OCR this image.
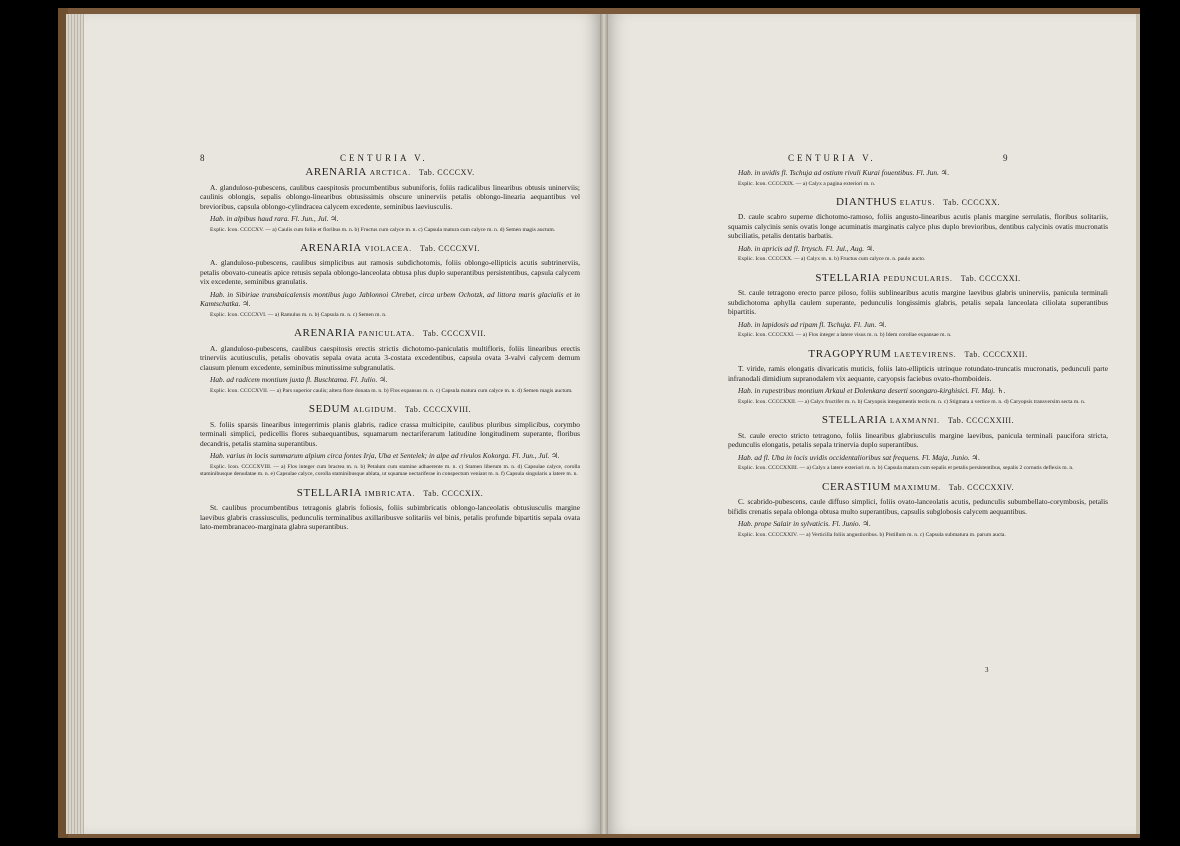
8	CENTURIA V.	CENTURIA V.	9
ARENARIA ARCTICA. Tab. CCCCXV.

A. glanduloso-pubescens, caulibus caespitosis procumbentibus subuniforis, foliis radicalibus linearibus obtusis uninerviis; caulinis oblongis, sepalis oblongo-linearibus obtusissimis obscure uninerviis petalis oblongo-linearia aequantibus vel brevioribus, capsula oblongo-cylindracea calycem excedente, seminibus laeviusculis.

Hab. in alpibus haud rara. Fl. Jun., Jul. ♃.

Explic. Icon. CCCCXV. — a) Caulis cum foliis et floribus m. n. b) Fructus cum calyce m. n. c) Capsula matura cum calyce m. n. d) Semen magis auctum.

ARENARIA VIOLACEA. Tab. CCCCXVI.

A. glanduloso-pubescens, caulibus simplicibus aut ramosis subdichotomis, foliis oblongo-ellipticis acutis subtrinerviis, petalis obovato-cuneatis apice retusis sepala oblongo-lanceolata obtusa plus duplo superantibus persistentibus, capsula calycem vix excedente, seminibus granulatis.

Hab. in Sibiriae transbaicalensis montibus jugo Jablonnoi Chrebet, circa urbem Ochotzk, ad littora maris glacialis et in Kamtschatka. ♃.

Explic. Icon. CCCCXVI. — a) Ramulus m. n. b) Capsula m. n. c) Semen m. n.

ARENARIA PANICULATA. Tab. CCCCXVII.

A. glanduloso-pubescens, caulibus caespitosis erectis strictis dichotomo-paniculatis multifloris, foliis linearibus erectis trinerviis acutiusculis, petalis obovatis sepala ovata acuta 3-costata excedentibus, capsula ovata 3-valvi calycem demum clausum plenum excedente, seminibus minutissime subgranulatis.

Hab. ad radicem montium juxta fl. Buschtama. Fl. Julio. ♃.

Explic. Icon. CCCCXVII. — a) Pars superior caulis; altera flore donata m. n. b) Flos expansus m. n. c) Capsula matura cum calyce m. n. d) Semen magis auctum.

SEDUM ALGIDUM. Tab. CCCCXVIII.

S. foliis sparsis linearibus integerrimis planis glabris, radice crassa multicipite, caulibus pluribus simplicibus, corymbo terminali simplici, pedicellis flores subaequantibus, squamarum nectariferarum latitudine longitudinem superante, floribus decandris, petalis stamina superantibus.

Hab. varius in locis summarum alpium circa fontes Irja, Uba et Sentelek; in alpe ad rivulos Kokorga. Fl. Jun., Jul. ♃.

Explic. Icon. CCCCXVIII. — a) Flos integer cum bractea m. n. b) Petalum cum stamine adhaerente m. n. c) Stamen liberum m. n. d) Capsulae calyce, corolla staminibusque denudatae m. n. e) Capsulae calyce, corolla staminibusque ablata, ut squamae nectariferae in conspectum veniant m. n. f) Capsula singularis a latere m. n.

STELLARIA IMBRICATA. Tab. CCCCXIX.

St. caulibus procumbentibus tetragonis glabris foliosis, foliis subimbricatis oblongo-lanceolatis obtusiusculis margine laevibus glabris crassiusculis, pedunculis terminalibus axillaribusve solitariis vel binis, petalis profunde bipartitis sepala ovata lato-membranaceo-marginata glabra superantibus.

Hab. in uvidis fl. Tschuja ad ostium rivuli Kurai fouentibus. Fl. Jun. ♃.

Explic. Icon. CCCCXIX. — a) Calyx a pagina exteriori m. n.

DIANTHUS ELATUS. Tab. CCCCXX.

D. caule scabro superne dichotomo-ramoso, foliis angusto-linearibus acutis planis margine serrulatis, floribus solitariis, squamis calycinis senis ovatis longe acuminatis marginatis calyce plus duplo brevioribus, dentibus calycinis ovatis mucronatis subciliatis, petalis dentatis barbatis.

Hab. in apricis ad fl. Irtysch. Fl. Jul., Aug. ♃.

Explic. Icon. CCCCXX. — a) Calyx m. n. b) Fructus cum calyce m. n. paulo aucto.

STELLARIA PEDUNCULARIS. Tab. CCCCXXI.

St. caule tetragono erecto parce piloso, foliis sublinearibus acutis margine laevibus glabris uninerviis, panicula terminali subdichotoma aphylla caulem superante, pedunculis longissimis glabris, petalis sepala lanceolata ciliolata superantibus bipartitis.

Hab. in lapidosis ad ripam fl. Tschuja. Fl. Jun. ♃.

Explic. Icon. CCCCXXI. — a) Flos integer a latere visus m. n. b) Idem corollae expansae m. n.

TRAGOPYRUM LAETEVIRENS. Tab. CCCCXXII.

T. viride, ramis elongatis divaricatis muticis, foliis lato-ellipticis utrinque rotundato-truncatis mucronatis, pedunculi parte infranodali dimidium supranodalem vix aequante, caryopsis faciebus ovato-rhomboideis.

Hab. in rupestribus montium Arkaul et Dolenkara deserti soongaro-kirghisici. Fl. Maj. ♄.

Explic. Icon. CCCCXXII. — a) Calyx fructifer m. n. b) Caryopsis integumentis tectis m. n. c) Stigmata a vertice m. n. d) Caryopsis transversim secta m. n.

STELLARIA LAXMANNI. Tab. CCCCXXIII.

St. caule erecto stricto tetragono, foliis linearibus glabriusculis margine laevibus, panicula terminali paucifora stricta, pedunculis elongatis, petalis sepala trinervia duplo superantibus.

Hab. ad fl. Uba in locis uvidis occidentalioribus sat frequens. Fl. Maja, Junio. ♃.

Explic. Icon. CCCCXXIII. — a) Calyx a latere exteriori m. n. b) Capsula matura cum sepalis et petalis persistentibus, sepalis 2 cornutis deflexis m. n.

CERASTIUM MAXIMUM. Tab. CCCCXXIV.

C. scabrido-pubescens, caule diffuso simplici, foliis ovato-lanceolatis acutis, pedunculis subumbellato-corymbosis, petalis bifidis crenatis sepala oblonga obtusa multo superantibus, capsulis subglobosis calycem aequantibus.

Hab. prope Salair in sylvaticis. Fl. Junio. ♃.

Explic. Icon. CCCCXXIV. — a) Verticilla foliis angustioribus. b) Pistillum m. n. c) Capsula submatura m. parum aucta.

3
